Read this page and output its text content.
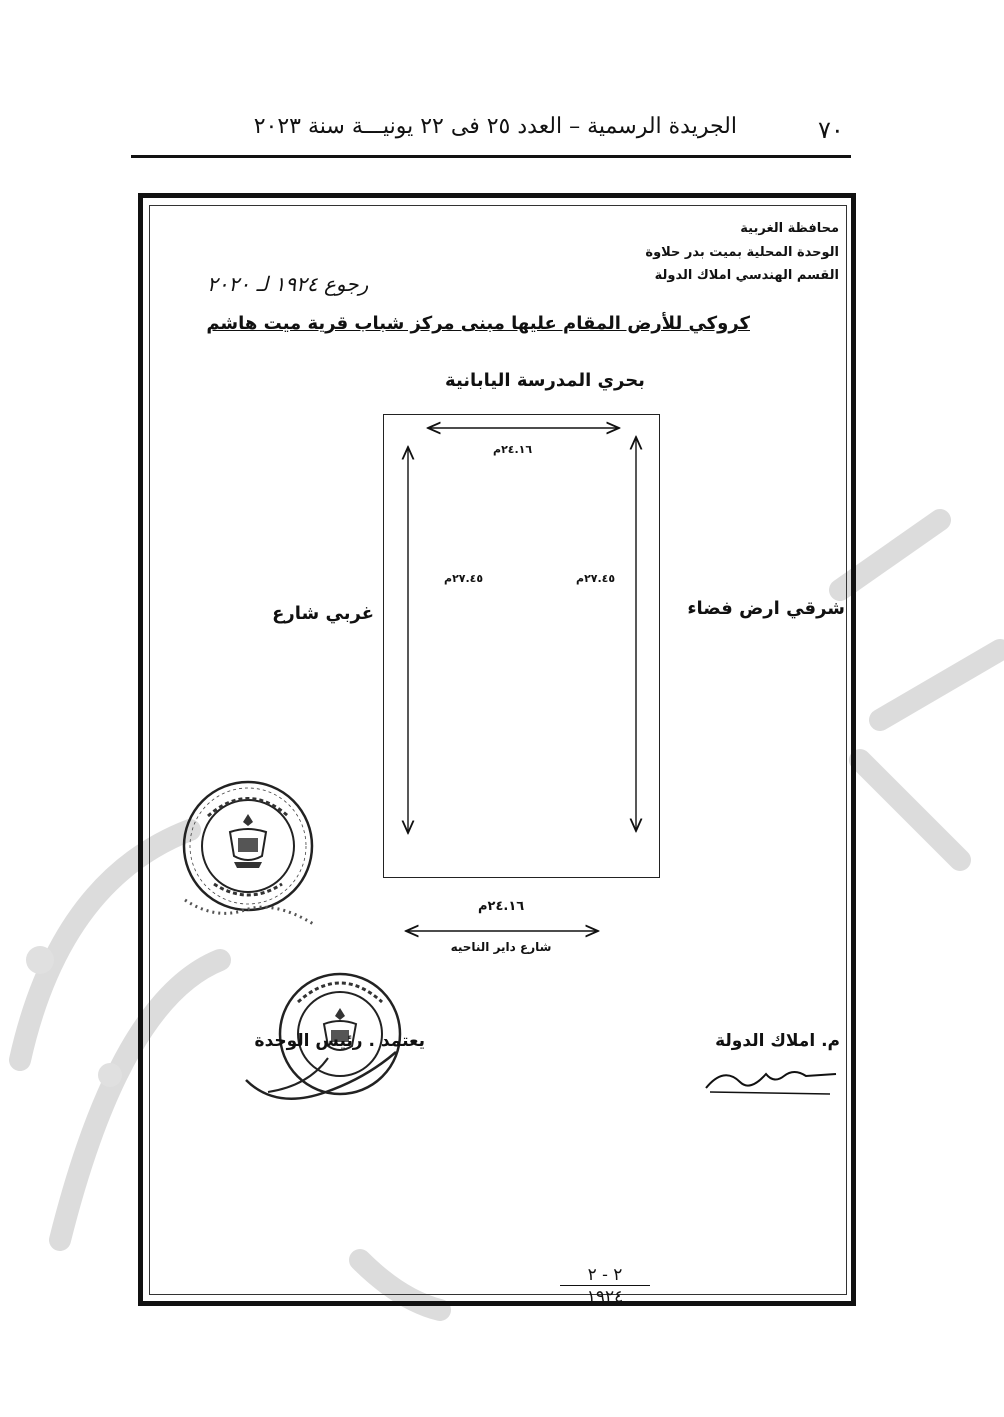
٧٠
الجريدة الرسمية – العدد ٢٥ فى ٢٢ يونيـــة سنة ٢٠٢٣
محافظة الغربية
الوحدة المحلية بميت بدر حلاوة
القسم الهندسي املاك الدولة
رجوع ١٩٢٤ لـ ٢٠٢٠
كروكي للأرض المقام عليها مبنى مركز شباب قرية ميت هاشم
بحري المدرسة اليابانية
شرقي ارض فضاء
غربي شارع
شارع داير الناحيه
٢٤.١٦م
٢٧.٤٥م	٢٧.٤٥م
٢٤.١٦م
م. املاك الدولة
يعتمد . رئيس الوحدة
٢ - ٢
١٩٢٤
